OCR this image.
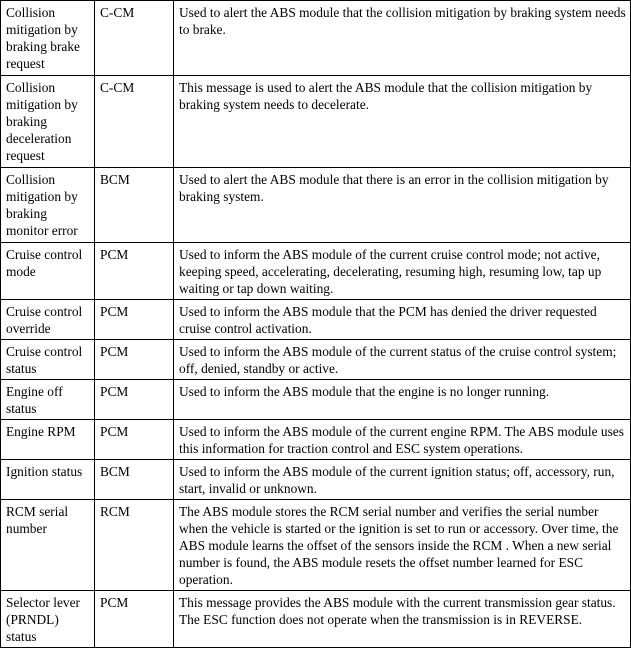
Collision mitigation by braking brake request	C-CM	Used to alert the ABS module that the collision mitigation by braking system needs to brake.
Collision mitigation by braking deceleration request	C-CM	This message is used to alert the ABS module that the collision mitigation by braking system needs to decelerate.
Collision mitigation by braking monitor error	BCM	Used to alert the ABS module that there is an error in the collision mitigation by braking system.
Cruise control mode	PCM	Used to inform the ABS module of the current cruise control mode; not active, keeping speed, accelerating, decelerating, resuming high, resuming low, tap up waiting or tap down waiting.
Cruise control override	PCM	Used to inform the ABS module that the PCM has denied the driver requested cruise control activation.
Cruise control status	PCM	Used to inform the ABS module of the current status of the cruise control system; off, denied, standby or active.
Engine off status	PCM	Used to inform the ABS module that the engine is no longer running.
Engine RPM	PCM	Used to inform the ABS module of the current engine RPM. The ABS module uses this information for traction control and ESC system operations.
Ignition status	BCM	Used to inform the ABS module of the current ignition status; off, accessory, run, start, invalid or unknown.
RCM serial number	RCM	The ABS module stores the RCM serial number and verifies the serial number when the vehicle is started or the ignition is set to run or accessory. Over time, the ABS module learns the offset of the sensors inside the RCM . When a new serial number is found, the ABS module resets the offset number learned for ESC operation.
Selector lever (PRNDL) status	PCM	This message provides the ABS module with the current transmission gear status. The ESC function does not operate when the transmission is in REVERSE.
